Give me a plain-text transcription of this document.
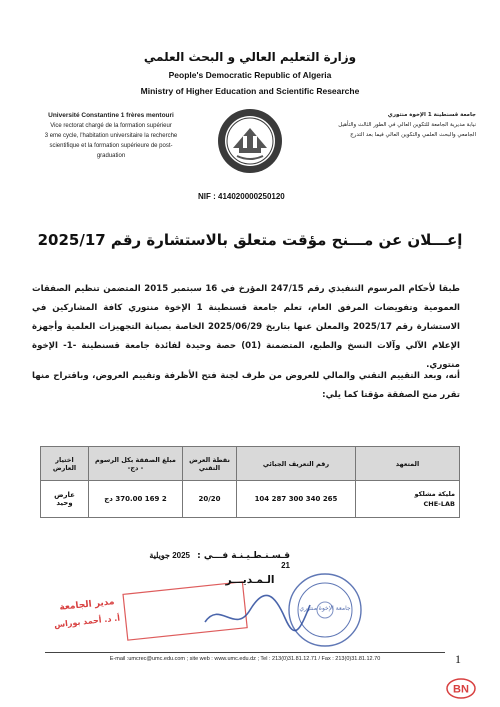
وزارة التعليم العالي و البحث العلمي
People's Democratic Republic of Algeria
Ministry of Higher Education and Scientific Researche
Université Constantine 1 frères mentouri
Vice rectorat chargé de la formation supérieur
3 eme cycle, l'habitation universitaire la recherche
scientifique et la formation supérieure de post-
graduation
جامعة قسنطينة 1 الإخوة منتوري
نيابة مديرية الجامعة للتكوين العالي في الطور الثالث والتأهيل
الجامعي والبحث العلمي والتكوين العالي فيما بعد التدرج
NIF : 414020000250120
إعـــلان عن مـــنح مؤقت متعلق بالاستشارة رقم 2025/17
طبقا لأحكام المرسوم التنفيذي رقم 247/15 المؤرخ في 16 سبتمبر 2015 المتضمن تنظيم الصفقات العمومية وتفويضات المرفق العام، تعلم جامعة قسنطينة 1 الإخوة منتوري كافة المشاركين في الاستشارة رقم 2025/17 والمعلن عنها بتاريخ 2025/06/29 الخاصة بصيانة التجهيزات العلمية وأجهزة الإعلام الآلي وآلات النسخ والطبع، المتضمنة (01) حصة وحيدة لفائدة جامعة قسنطينة -1- الإخوة منتوري.
أنه، وبعد التقييم التقني والمالي للعروض من طرف لجنة فتح الأظرفة وتقييم العروض، وباقتراح منها تقرر منح الصفقة مؤقتا كما يلي:
المتعهد	رقم التعريف الجبائي	نقطة العرض التقني	مبلغ الصفقة بكل الرسوم - دج-	اختيار العارض

مليكة مشلكو
CHE-LAB	265 340 300 287 104	20/20	2 169 370.00 دج	عارض وحيد
مدير الجامعة
أ. د. أحمد بوراس
جامعة الإخوة منتوري
قـسـنـطـيـنـة فـــي : 2025 جويلية 21
الـمـديـــر
E-mail :umcrec@umc.edu.com ; site web : www.umc.edu.dz ; Tel : 213(0)31.81.12.71 / Fax : 213(0)31.81.12.70	1
BN
